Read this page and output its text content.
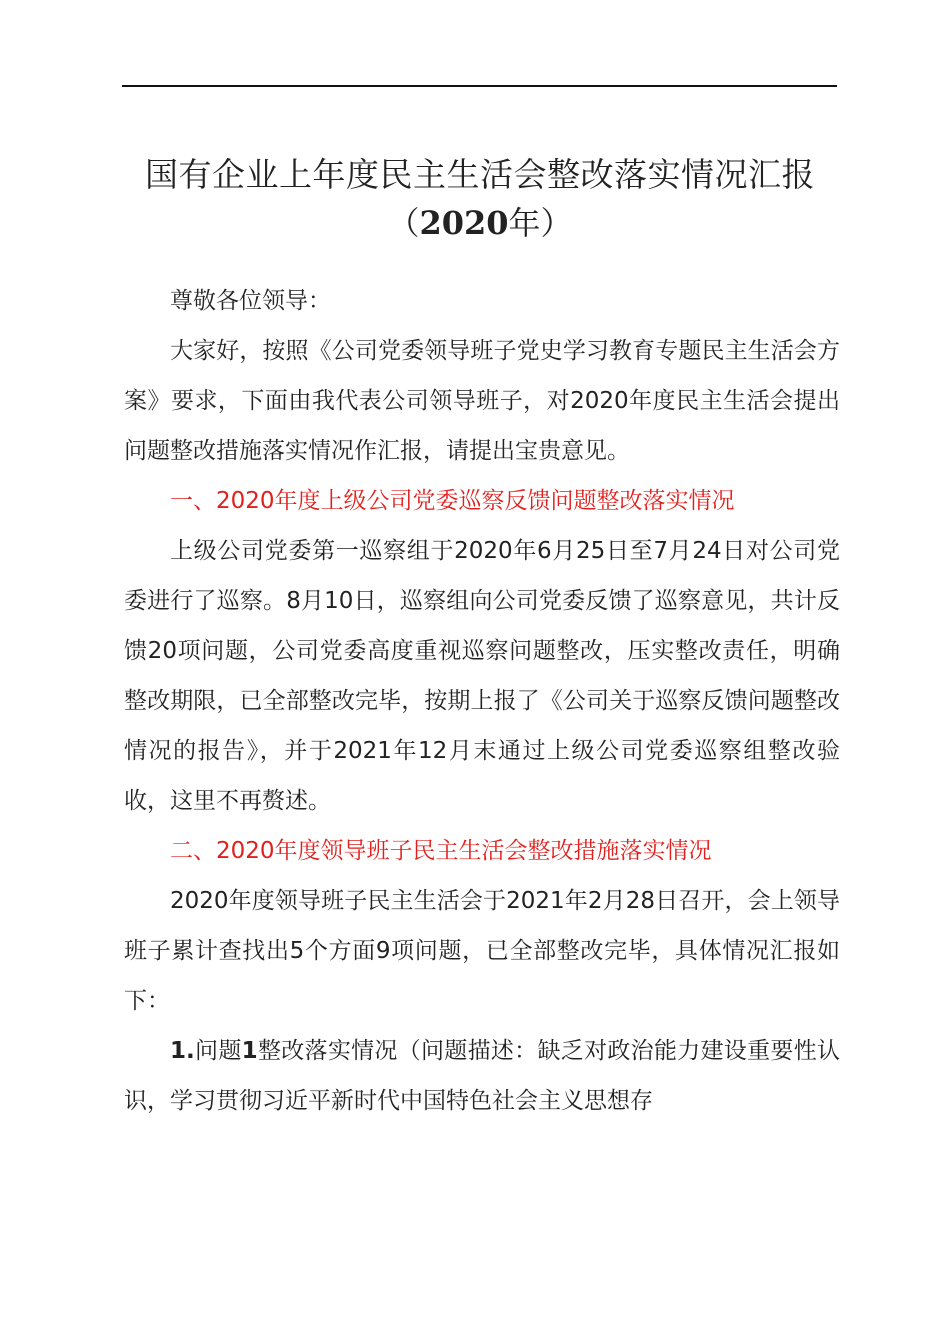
国有企业上年度民主生活会整改落实情况汇报
（2020年）

尊敬各位领导：

大家好，按照《公司党委领导班子党史学习教育专题民主生活会方案》要求，下面由我代表公司领导班子，对2020年度民主生活会提出问题整改措施落实情况作汇报，请提出宝贵意见。

一、2020年度上级公司党委巡察反馈问题整改落实情况

上级公司党委第一巡察组于2020年6月25日至7月24日对公司党委进行了巡察。8月10日，巡察组向公司党委反馈了巡察意见，共计反馈20项问题，公司党委高度重视巡察问题整改，压实整改责任，明确整改期限，已全部整改完毕，按期上报了《公司关于巡察反馈问题整改情况的报告》，并于2021年12月末通过上级公司党委巡察组整改验收，这里不再赘述。

二、2020年度领导班子民主生活会整改措施落实情况

2020年度领导班子民主生活会于2021年2月28日召开，会上领导班子累计查找出5个方面9项问题，已全部整改完毕，具体情况汇报如下：

1.问题1整改落实情况（问题描述：缺乏对政治能力建设重要性认识，学习贯彻习近平新时代中国特色社会主义思想存
